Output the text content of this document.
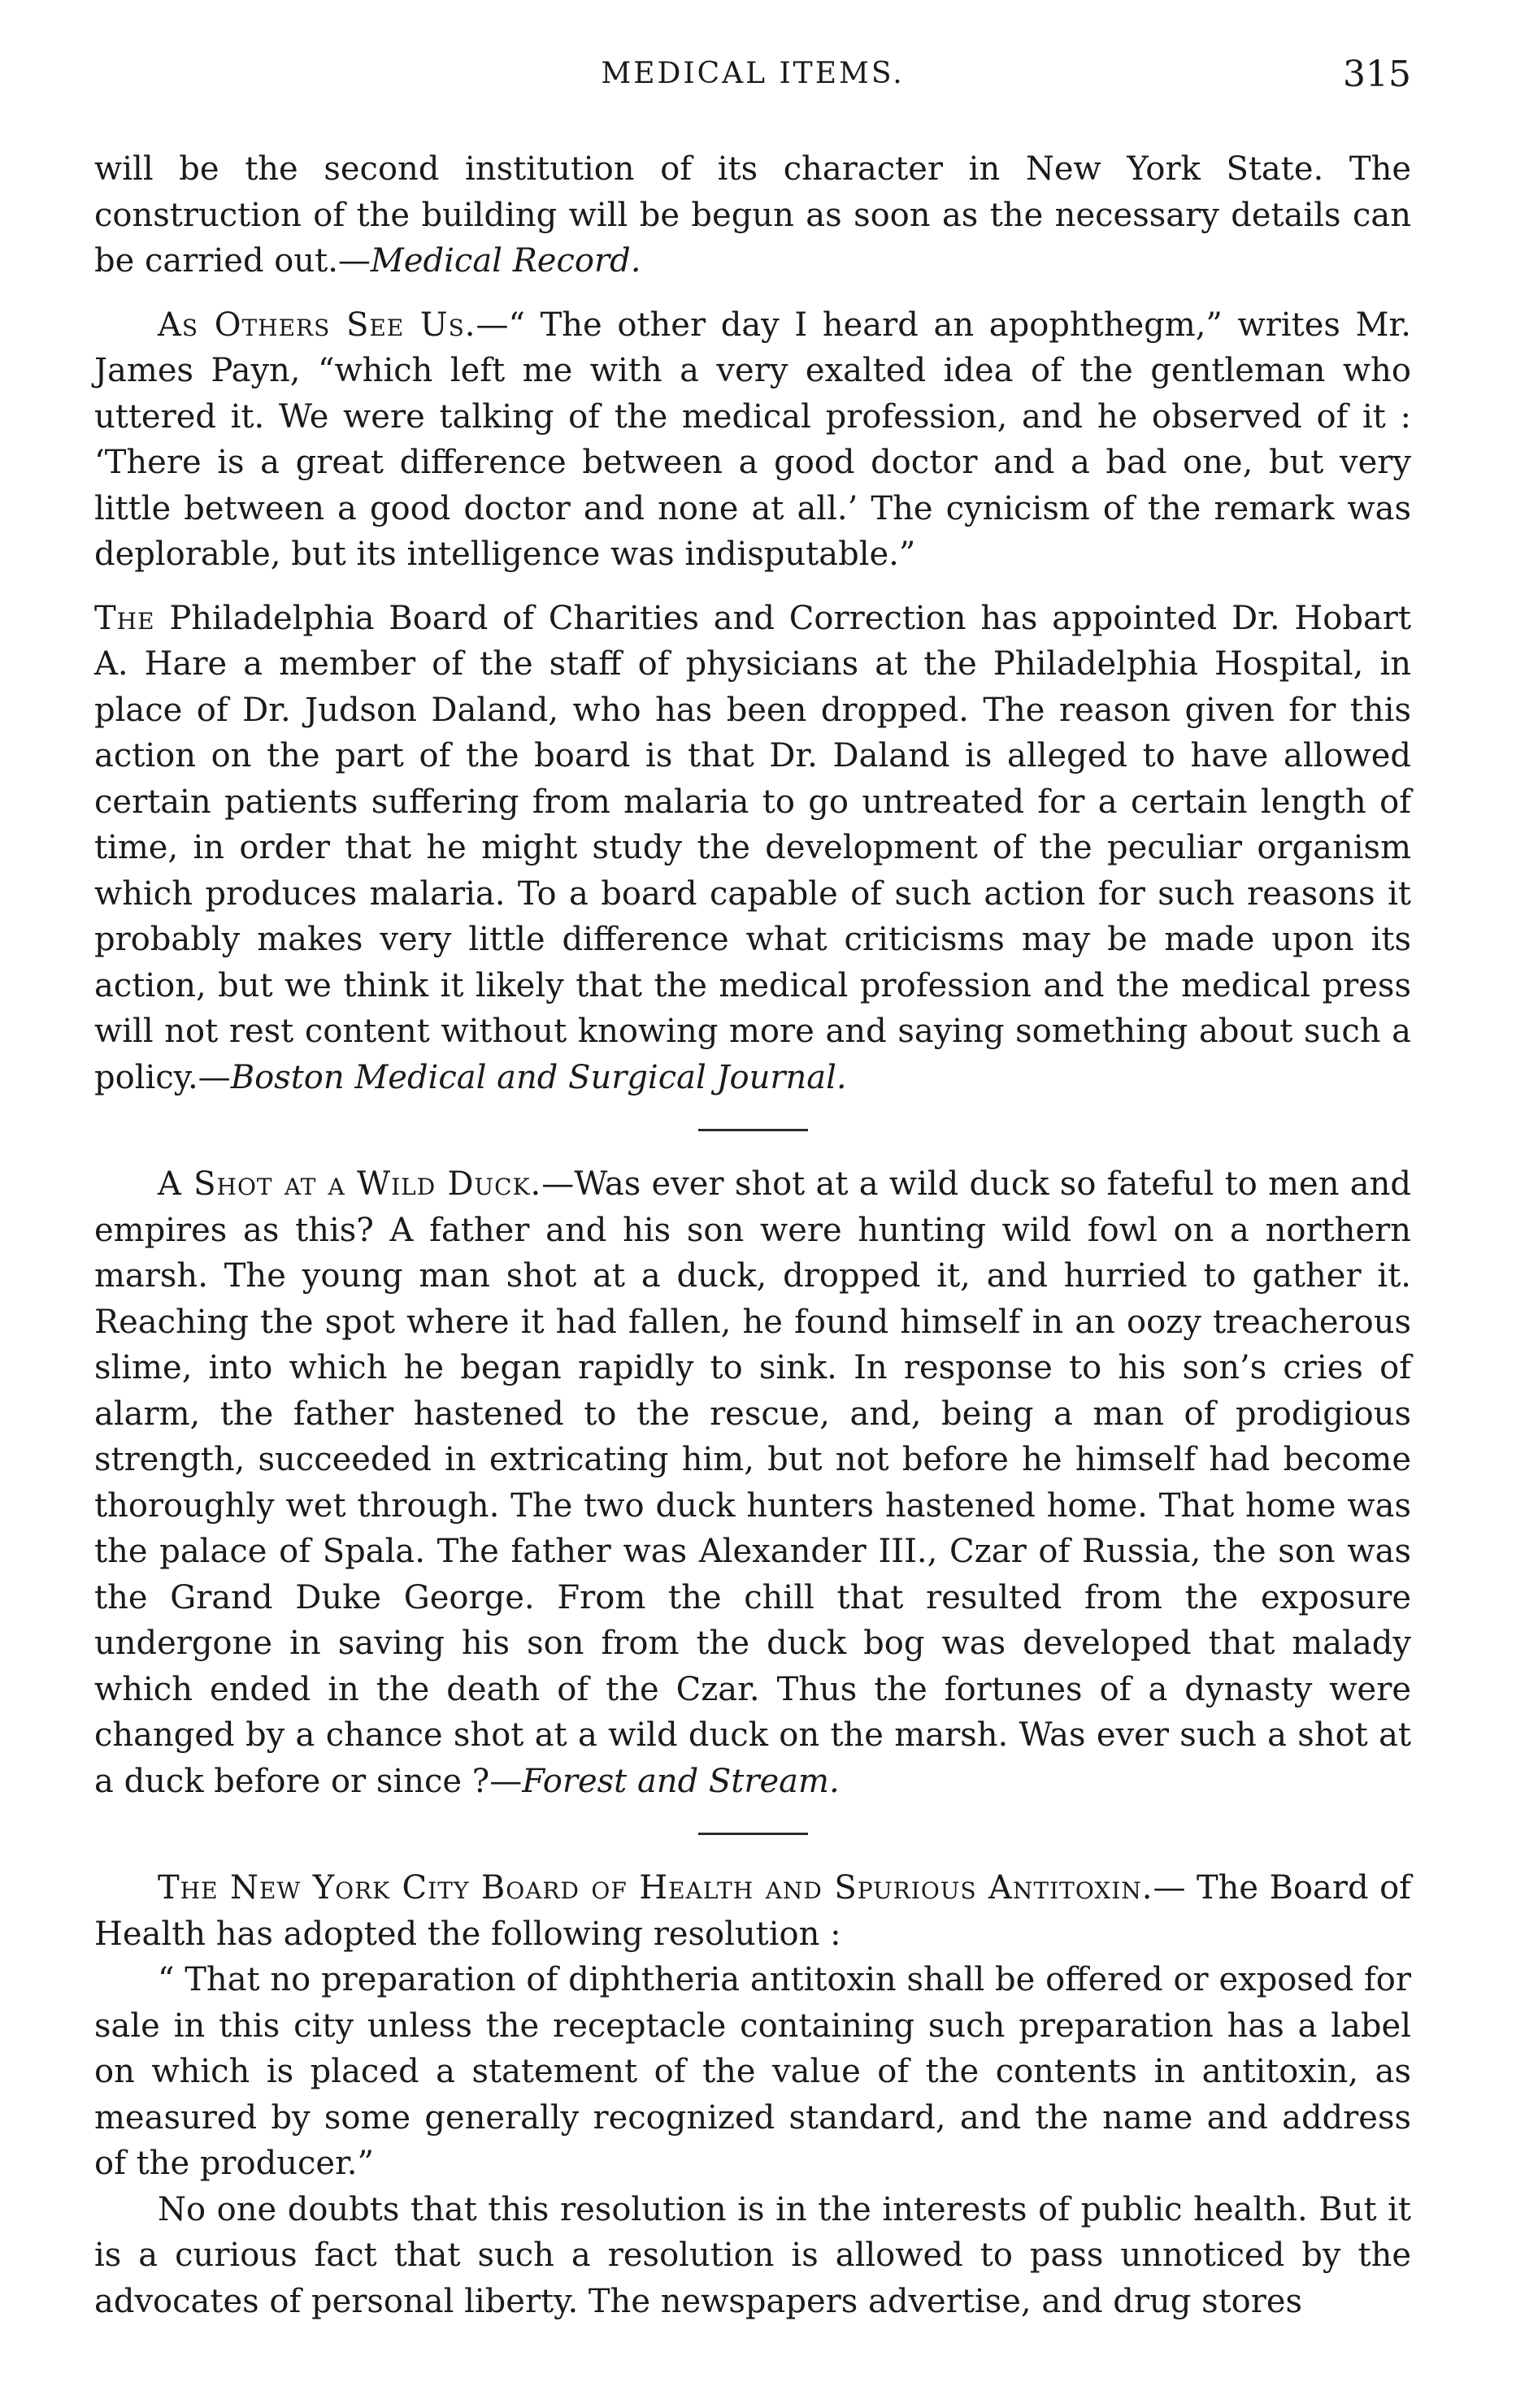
MEDICAL ITEMS.	315

will be the second institution of its character in New York State. The construction of the building will be begun as soon as the necessary details can be carried out.—Medical Record.

As Others See Us.—“ The other day I heard an apophthegm,” writes Mr. James Payn, “which left me with a very exalted idea of the gentleman who uttered it. We were talking of the medical profession, and he observed of it : ‘There is a great difference between a good doctor and a bad one, but very little between a good doctor and none at all.’ The cynicism of the remark was deplorable, but its intelligence was indisputable.”

The Philadelphia Board of Charities and Correction has appointed Dr. Hobart A. Hare a member of the staff of physicians at the Philadelphia Hospital, in place of Dr. Judson Daland, who has been dropped. The reason given for this action on the part of the board is that Dr. Daland is alleged to have allowed certain patients suffering from malaria to go untreated for a certain length of time, in order that he might study the development of the peculiar organism which produces malaria. To a board capable of such action for such reasons it probably makes very little difference what criticisms may be made upon its action, but we think it likely that the medical profession and the medical press will not rest content without knowing more and saying something about such a policy.—Boston Medical and Surgical Journal.

A Shot at a Wild Duck.—Was ever shot at a wild duck so fateful to men and empires as this? A father and his son were hunting wild fowl on a northern marsh. The young man shot at a duck, dropped it, and hurried to gather it. Reaching the spot where it had fallen, he found himself in an oozy treacherous slime, into which he began rapidly to sink. In response to his son’s cries of alarm, the father hastened to the rescue, and, being a man of prodigious strength, succeeded in extricating him, but not before he himself had become thoroughly wet through. The two duck hunters hastened home. That home was the palace of Spala. The father was Alexander III., Czar of Russia, the son was the Grand Duke George. From the chill that resulted from the exposure undergone in saving his son from the duck bog was developed that malady which ended in the death of the Czar. Thus the fortunes of a dynasty were changed by a chance shot at a wild duck on the marsh. Was ever such a shot at a duck before or since ?—Forest and Stream.

The New York City Board of Health and Spurious Antitoxin.— The Board of Health has adopted the following resolution :

“ That no preparation of diphtheria antitoxin shall be offered or exposed for sale in this city unless the receptacle containing such preparation has a label on which is placed a statement of the value of the contents in antitoxin, as measured by some generally recognized standard, and the name and address of the producer.”

No one doubts that this resolution is in the interests of public health. But it is a curious fact that such a resolution is allowed to pass unnoticed by the advocates of personal liberty. The newspapers advertise, and drug stores
